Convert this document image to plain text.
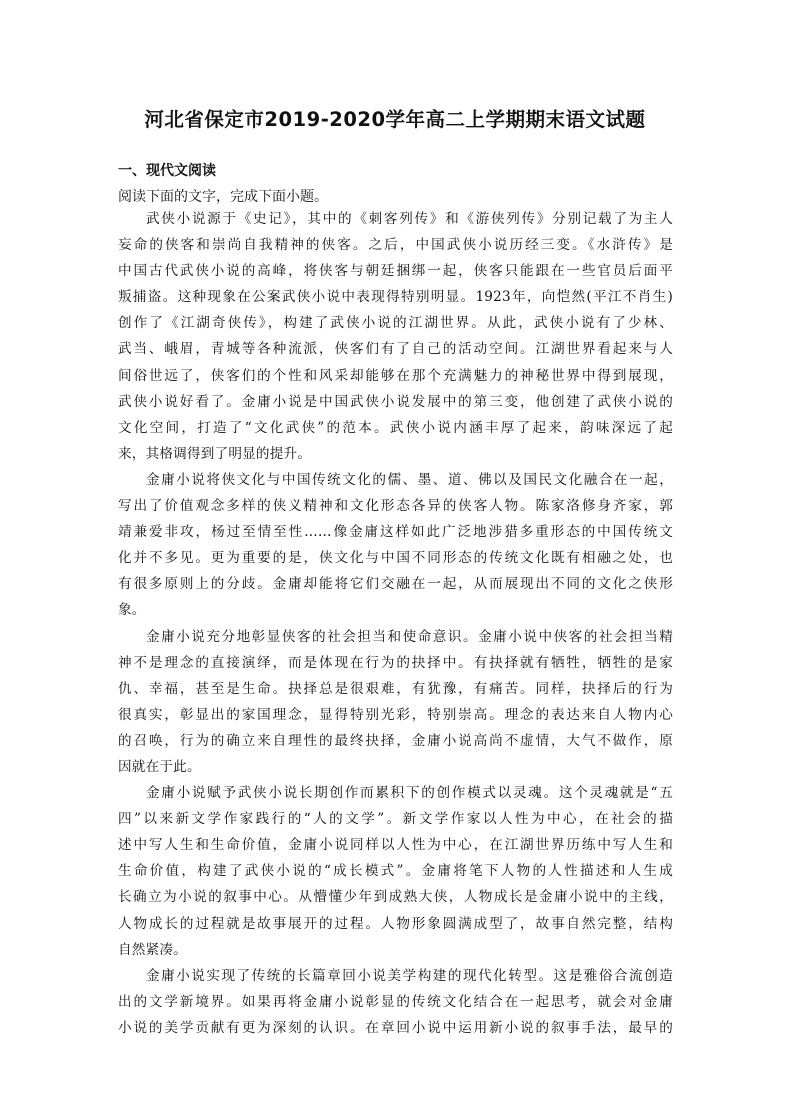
河北省保定市2019-2020学年高二上学期期末语文试题
一、现代文阅读
阅读下面的文字，完成下面小题。
武侠小说源于《史记》，其中的《刺客列传》和《游侠列传》分别记载了为主人
妄命的侠客和崇尚自我精神的侠客。之后，中国武侠小说历经三变。《水浒传》是
中国古代武侠小说的高峰，将侠客与朝廷捆绑一起，侠客只能跟在一些官员后面平
叛捕盗。这种现象在公案武侠小说中表现得特别明显。1923年，向恺然(平江不肖生)
创作了《江湖奇侠传》，构建了武侠小说的江湖世界。从此，武侠小说有了少林、
武当、峨眉，青城等各种流派，侠客们有了自己的活动空间。江湖世界看起来与人
间俗世远了，侠客们的个性和风采却能够在那个充满魅力的神秘世界中得到展现，
武侠小说好看了。金庸小说是中国武侠小说发展中的第三变，他创建了武侠小说的
文化空间，打造了“文化武侠”的范本。武侠小说内涵丰厚了起来，韵味深远了起
来，其格调得到了明显的提升。
金庸小说将侠文化与中国传统文化的儒、墨、道、佛以及国民文化融合在一起，
写出了价值观念多样的侠义精神和文化形态各异的侠客人物。陈家洛修身齐家，郭
靖兼爱非攻，杨过至情至性……像金庸这样如此广泛地涉猎多重形态的中国传统文
化并不多见。更为重要的是，侠文化与中国不同形态的传统文化既有相融之处，也
有很多原则上的分歧。金庸却能将它们交融在一起，从而展现出不同的文化之侠形
象。
金庸小说充分地彰显侠客的社会担当和使命意识。金庸小说中侠客的社会担当精
神不是理念的直接演绎，而是体现在行为的抉择中。有抉择就有牺牲，牺牲的是家
仇、幸福，甚至是生命。抉择总是很艰难，有犹豫，有痛苦。同样，抉择后的行为
很真实，彰显出的家国理念，显得特别光彩，特别崇高。理念的表达来自人物内心
的召唤，行为的确立来自理性的最终抉择，金庸小说高尚不虚情，大气不做作，原
因就在于此。
金庸小说赋予武侠小说长期创作而累积下的创作模式以灵魂。这个灵魂就是“五
四”以来新文学作家践行的“人的文学”。新文学作家以人性为中心，在社会的描
述中写人生和生命价值，金庸小说同样以人性为中心，在江湖世界历练中写人生和
生命价值，构建了武侠小说的“成长模式”。金庸将笔下人物的人性描述和人生成
长确立为小说的叙事中心。从懵懂少年到成熟大侠，人物成长是金庸小说中的主线，
人物成长的过程就是故事展开的过程。人物形象圆满成型了，故事自然完整，结构
自然紧凑。
金庸小说实现了传统的长篇章回小说美学构建的现代化转型。这是雅俗合流创造
出的文学新境界。如果再将金庸小说彰显的传统文化结合在一起思考，就会对金庸
小说的美学贡献有更为深刻的认识。在章回小说中运用新小说的叙事手法，最早的
